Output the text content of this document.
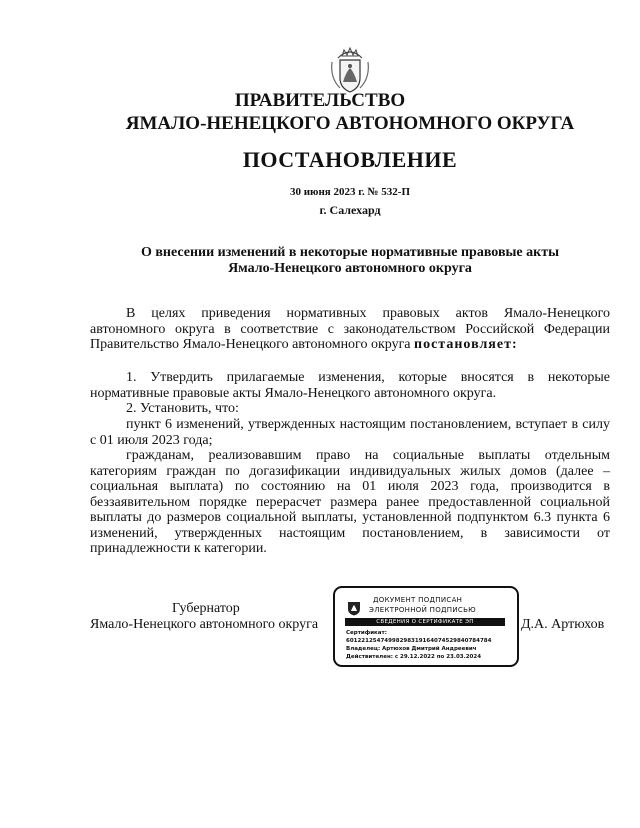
ПРАВИТЕЛЬСТВО
ЯМАЛО-НЕНЕЦКОГО АВТОНОМНОГО ОКРУГА
ПОСТАНОВЛЕНИЕ
30 июня 2023 г. № 532-П
г. Салехард
О внесении изменений в некоторые нормативные правовые акты
Ямало-Ненецкого автономного округа
В целях приведения нормативных правовых актов Ямало-Ненецкого автономного округа в соответствие с законодательством Российской Федерации Правительство Ямало-Ненецкого автономного округа постановляет:
1. Утвердить прилагаемые изменения, которые вносятся в некоторые нормативные правовые акты Ямало-Ненецкого автономного округа.
2. Установить, что:
пункт 6 изменений, утвержденных настоящим постановлением, вступает в силу с 01 июля 2023 года;
гражданам, реализовавшим право на социальные выплаты отдельным категориям граждан по догазификации индивидуальных жилых домов (далее – социальная выплата) по состоянию на 01 июля 2023 года, производится в беззаявительном порядке перерасчет размера ранее предоставленной социальной выплаты до размеров социальной выплаты, установленной подпунктом 6.3 пункта 6 изменений, утвержденных настоящим постановлением, в зависимости от принадлежности к категории.
Губернатор
Ямало-Ненецкого автономного округа	Д.А. Артюхов
ДОКУМЕНТ ПОДПИСАН
ЭЛЕКТРОННОЙ ПОДПИСЬЮ
СВЕДЕНИЯ О СЕРТИФИКАТЕ ЭП
Сертификат:
601221254749982983191640745298407847​84
Владелец: Артюхов Дмитрий Андреевич
Действителен: с 29.12.2022 по 23.03.2024
